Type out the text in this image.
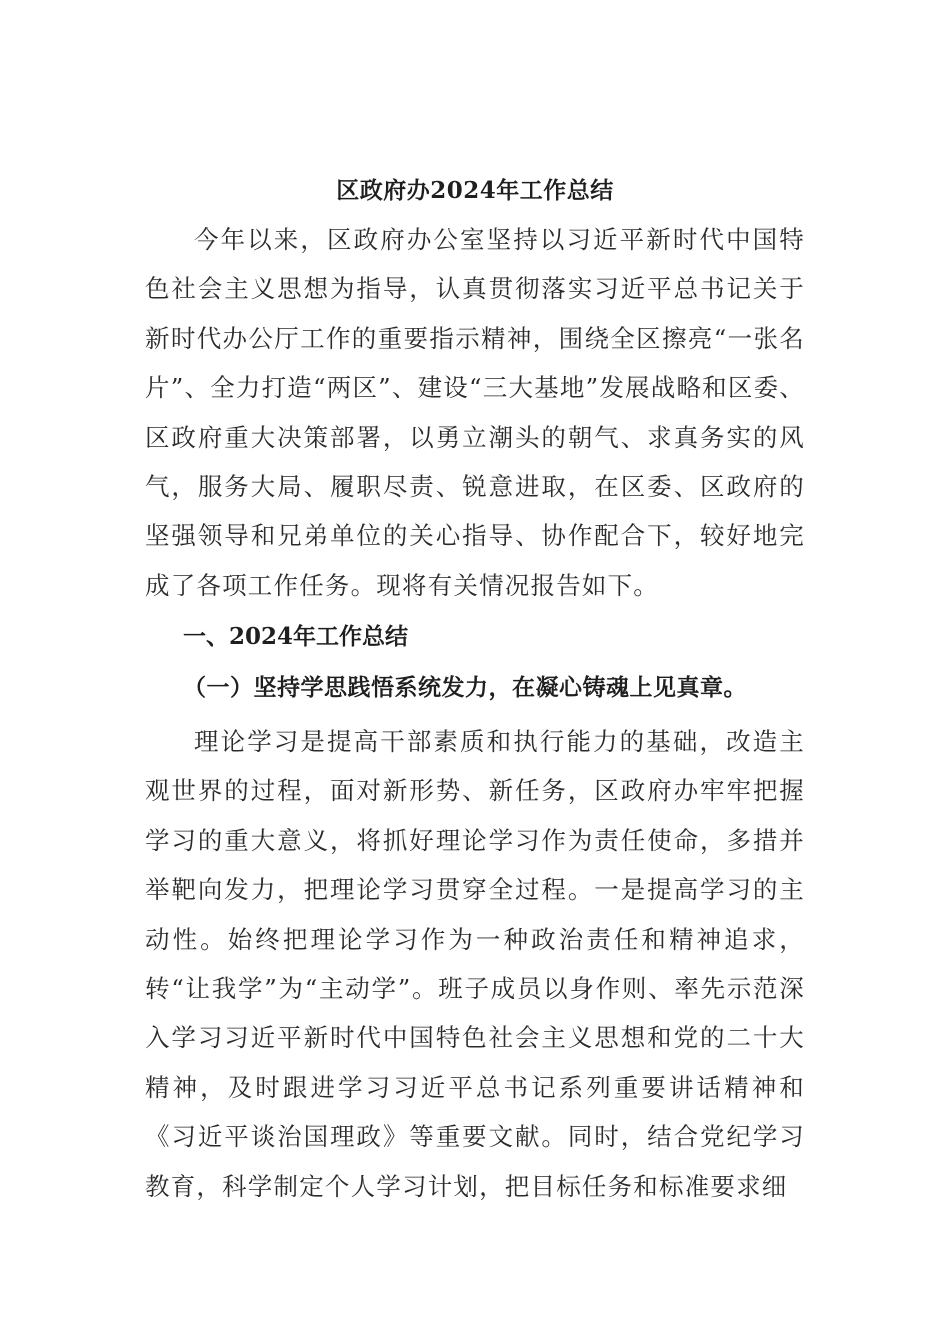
区政府办2024年工作总结

今年以来，区政府办公室坚持以习近平新时代中国特色社会主义思想为指导，认真贯彻落实习近平总书记关于新时代办公厅工作的重要指示精神，围绕全区擦亮“一张名片”、全力打造“两区”、建设“三大基地”发展战略和区委、区政府重大决策部署，以勇立潮头的朝气、求真务实的风气，服务大局、履职尽责、锐意进取，在区委、区政府的坚强领导和兄弟单位的关心指导、协作配合下，较好地完成了各项工作任务。现将有关情况报告如下。

一、2024年工作总结
（一）坚持学思践悟系统发力，在凝心铸魂上见真章。

理论学习是提高干部素质和执行能力的基础，改造主观世界的过程，面对新形势、新任务，区政府办牢牢把握学习的重大意义，将抓好理论学习作为责任使命，多措并举靶向发力，把理论学习贯穿全过程。一是提高学习的主动性。始终把理论学习作为一种政治责任和精神追求，转“让我学”为“主动学”。班子成员以身作则、率先示范深入学习习近平新时代中国特色社会主义思想和党的二十大精神，及时跟进学习习近平总书记系列重要讲话精神和《习近平谈治国理政》等重要文献。同时，结合党纪学习教育，科学制定个人学习计划，把目标任务和标准要求细
